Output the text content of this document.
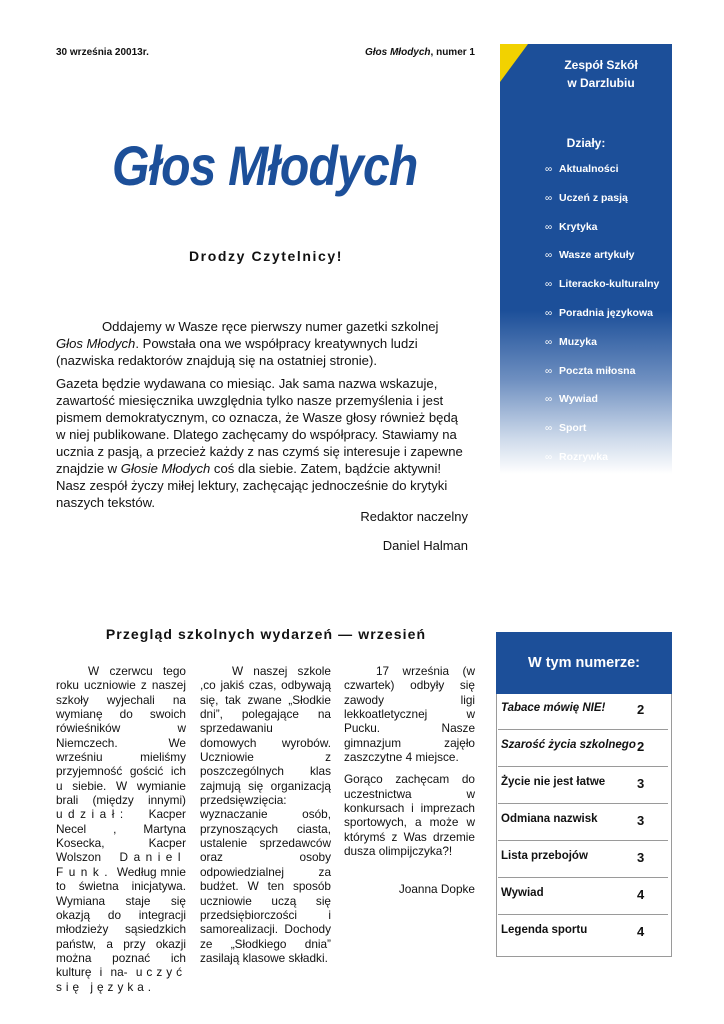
30 września 20013r.	Głos Młodych, numer 1
Zespół Szkół
w Darzlubiu
Działy:
∞ Aktualności
∞ Uczeń z pasją
∞ Krytyka
∞ Wasze artykuły
∞ Literacko-kulturalny
∞ Poradnia językowa
∞ Muzyka
∞ Poczta miłosna
∞ Wywiad
∞ Sport
∞ Rozrywka
Głos Młodych
Drodzy Czytelnicy!

Oddajemy w Wasze ręce pierwszy numer gazetki szkolnej Głos Młodych. Powstała ona we współpracy kreatywnych ludzi (nazwiska redaktorów znajdują się na ostatniej stronie).

Gazeta będzie wydawana co miesiąc. Jak sama nazwa wskazuje, zawartość miesięcznika uwzględnia tylko nasze przemyślenia i jest pismem demokratycznym, co oznacza, że Wasze głosy również będą w niej publikowane. Dlatego zachęcamy do współpracy. Stawiamy na ucznia z pasją, a przecież każdy z nas czymś się interesuje i zapewne znajdzie w Głosie Młodych coś dla siebie. Zatem, bądźcie aktywni! Nasz zespół życzy miłej lektury, zachęcając jednocześnie do krytyki naszych tekstów.

Redaktor naczelny
Daniel Halman
Przegląd szkolnych wydarzeń — wrzesień
W czerwcu tego roku uczniowie z naszej szkoły wyjechali na wymianę do swoich rówieśników w Niemczech. We wrześniu mieliśmy przyjemność gościć ich u siebie. W wymianie brali (między innymi) udział: Kacper Necel , Martyna Kosecka, Kacper Wolszon Daniel Funk. Według mnie to świetna inicjatywa. Wymiana staje się okazją do integracji młodzieży sąsiedzkich państw, a przy okazji można poznać ich kulturę i na- uczyć się języka.

W naszej szkole ,co jakiś czas, odbywają się, tak zwane „Słodkie dni”, polegające na sprzedawaniu domowych wyrobów. Uczniowie z poszczególnych klas zajmują się organizacją przedsięwzięcia: wyznaczanie osób, przynoszących ciasta, ustalenie sprzedawców oraz osoby odpowiedzialnej za budżet. W ten sposób uczniowie uczą się przedsiębiorczości i samorealizacji. Dochody ze „Słodkiego dnia” zasilają klasowe składki.

17 września (w czwartek) odbyły się zawody ligi lekkoatletycznej w Pucku. Nasze gimnazjum zajęło zaszczytne 4 miejsce.

Gorąco zachęcam do uczestnictwa w konkursach i imprezach sportowych, a może w którymś z Was drzemie dusza olimpijczyka?!

Joanna Dopke

W tym numerze:
Tabace mówię NIE! 2
Szarość życia szkolnego 2
Życie nie jest łatwe 3
Odmiana nazwisk	3
Lista przebojów	3
Wywiad	4
Legenda sportu	4
